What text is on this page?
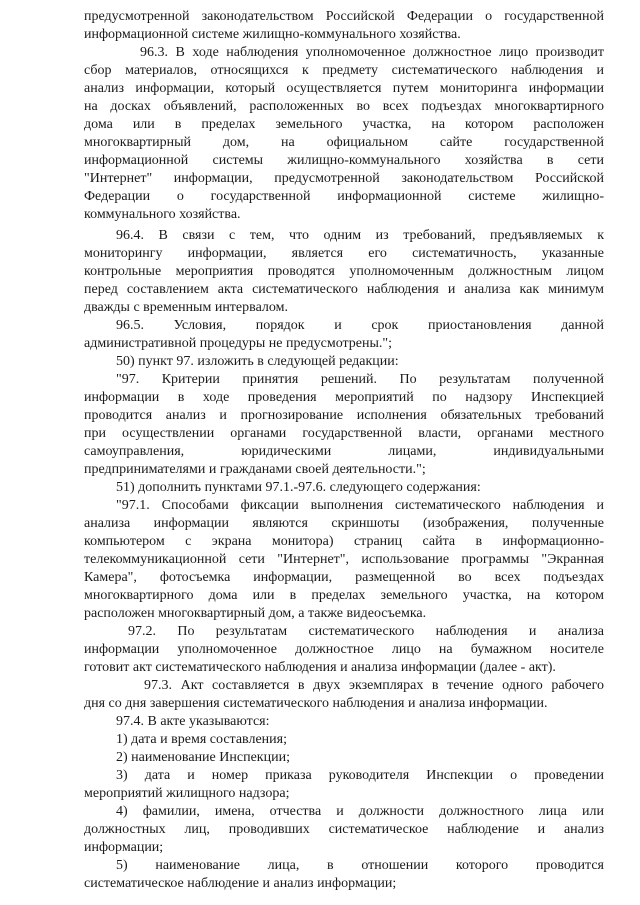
предусмотренной законодательством Российской Федерации о государственной
информационной системе жилищно-коммунального хозяйства.
96.3. В ходе наблюдения уполномоченное должностное лицо производит
сбор материалов, относящихся к предмету систематического наблюдения и
анализ информации, который осуществляется путем мониторинга информации
на досках объявлений, расположенных во всех подъездах многоквартирного
дома или в пределах земельного участка, на котором расположен
многоквартирный дом, на официальном сайте государственной
информационной системы жилищно-коммунального хозяйства в сети
"Интернет" информации, предусмотренной законодательством Российской
Федерации о государственной информационной системе жилищно-
коммунального хозяйства.
96.4. В связи с тем, что одним из требований, предъявляемых к
мониторингу информации, является его систематичность, указанные
контрольные мероприятия проводятся уполномоченным должностным лицом
перед составлением акта систематического наблюдения и анализа как минимум
дважды с временным интервалом.
96.5. Условия, порядок и срок приостановления данной
административной процедуры не предусмотрены.";
50) пункт 97. изложить в следующей редакции:
"97. Критерии принятия решений. По результатам полученной
информации в ходе проведения мероприятий по надзору Инспекцией
проводится анализ и прогнозирование исполнения обязательных требований
при осуществлении органами государственной власти, органами местного
самоуправления, юридическими лицами, индивидуальными
предпринимателями и гражданами своей деятельности.";
51) дополнить пунктами 97.1.-97.6. следующего содержания:
"97.1. Способами фиксации выполнения систематического наблюдения и
анализа информации являются скриншоты (изображения, полученные
компьютером с экрана монитора) страниц сайта в информационно-
телекоммуникационной сети "Интернет", использование программы "Экранная
Камера", фотосъемка информации, размещенной во всех подъездах
многоквартирного дома или в пределах земельного участка, на котором
расположен многоквартирный дом, а также видеосъемка.
97.2. По результатам систематического наблюдения и анализа
информации уполномоченное должностное лицо на бумажном носителе
готовит акт систематического наблюдения и анализа информации (далее - акт).
97.3. Акт составляется в двух экземплярах в течение одного рабочего
дня со дня завершения систематического наблюдения и анализа информации.
97.4. В акте указываются:
1) дата и время составления;
2) наименование Инспекции;
3) дата и номер приказа руководителя Инспекции о проведении
мероприятий жилищного надзора;
4) фамилии, имена, отчества и должности должностного лица или
должностных лиц, проводивших систематическое наблюдение и анализ
информации;
5) наименование лица, в отношении которого проводится
систематическое наблюдение и анализ информации;
